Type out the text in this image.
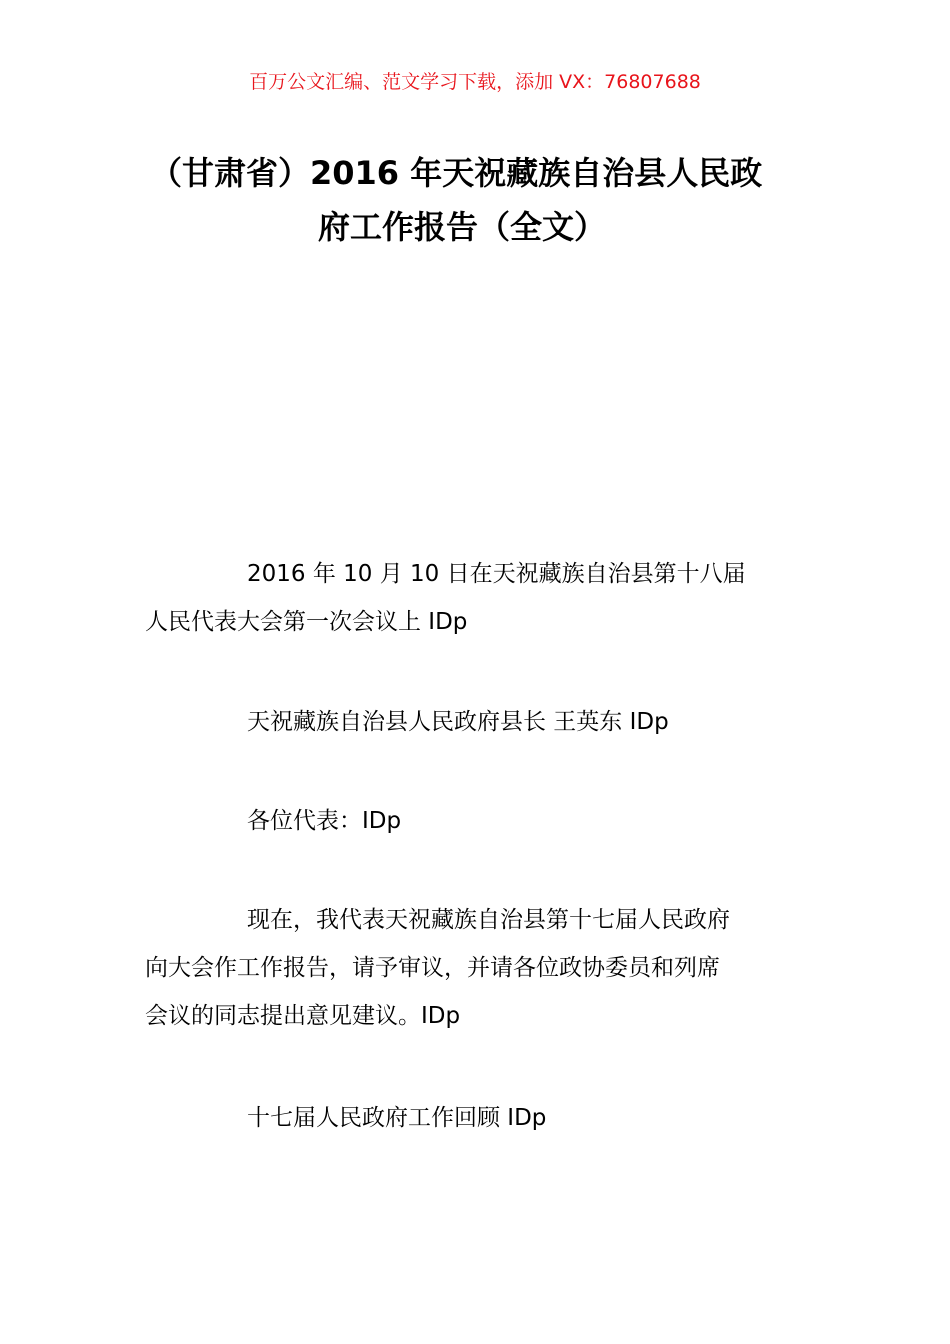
百万公文汇编、范文学习下载，添加 VX：76807688
（甘肃省）2016 年天祝藏族自治县人民政
府工作报告（全文）
2016 年 10 月 10 日在天祝藏族自治县第十八届
人民代表大会第一次会议上 IDp
天祝藏族自治县人民政府县长 王英东 IDp
各位代表：IDp
现在，我代表天祝藏族自治县第十七届人民政府
向大会作工作报告，请予审议，并请各位政协委员和列席
会议的同志提出意见建议。IDp
十七届人民政府工作回顾 IDp
